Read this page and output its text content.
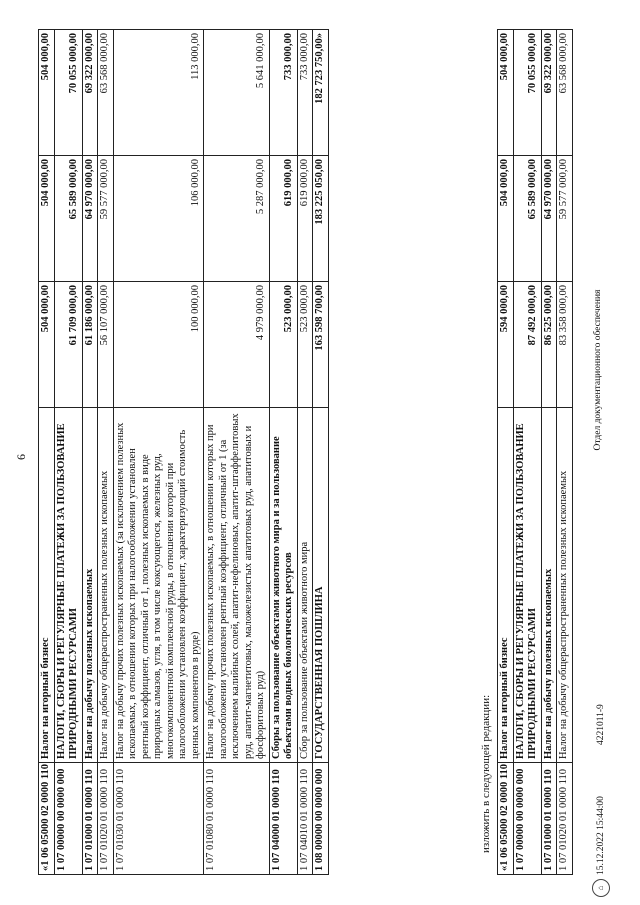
6
«1 06 05000 02 0000 110	Налог на игорный бизнес	504 000,00	504 000,00	504 000,00
1 07 00000 00 0000 000	НАЛОГИ, СБОРЫ И РЕГУЛЯРНЫЕ ПЛАТЕЖИ ЗА ПОЛЬЗОВАНИЕ ПРИРОДНЫМИ РЕСУРСАМИ	61 709 000,00	65 589 000,00	70 055 000,00
1 07 01000 01 0000 110	Налог на добычу полезных ископаемых	61 186 000,00	64 970 000,00	69 322 000,00
1 07 01020 01 0000 110	Налог на добычу общераспространенных полезных ископаемых	56 107 000,00	59 577 000,00	63 568 000,00
1 07 01030 01 0000 110	Налог на добычу прочих полезных ископаемых (за исключением полезных ископаемых, в отношении которых при налогообложении установлен рентный коэффициент, отличный от 1, полезных ископаемых в виде природных алмазов, угля, в том числе коксующегося, железных руд, многокомпонентной комплексной руды, в отношении которой при налогообложении установлен коэффициент, характеризующий стоимость ценных компонентов в руде)	100 000,00	106 000,00	113 000,00
1 07 01080 01 0000 110	Налог на добычу прочих полезных ископаемых, в отношении которых при налогообложении установлен рентный коэффициент, отличный от 1 (за исключением калийных солей, апатит-нефелиновых, апатит-штаффелитовых руд, апатит-магнетитовых, маложелезистых апатитовых руд, апатитовых и фосфоритовых руд)	4 979 000,00	5 287 000,00	5 641 000,00
1 07 04000 01 0000 110	Сборы за пользование объектами животного мира и за пользование объектами водных биологических ресурсов	523 000,00	619 000,00	733 000,00
1 07 04010 01 0000 110	Сбор за пользование объектами животного мира	523 000,00	619 000,00	733 000,00
1 08 00000 00 0000 000	ГОСУДАРСТВЕННАЯ ПОШЛИНА	163 598 700,00	183 225 050,00	182 723 750,00»
изложить в следующей редакции: «1 06 05000 02 0000 110	Налог на игорный бизнес	594 000,00	504 000,00	504 000,00
1 07 00000 00 0000 000	НАЛОГИ, СБОРЫ И РЕГУЛЯРНЫЕ ПЛАТЕЖИ ЗА ПОЛЬЗОВАНИЕ ПРИРОДНЫМИ РЕСУРСАМИ	87 492 000,00	65 589 000,00	70 055 000,00
1 07 01000 01 0000 110	Налог на добычу полезных ископаемых	86 525 000,00	64 970 000,00	69 322 000,00
1 07 01020 01 0000 110	Налог на добычу общераспространенных полезных ископаемых	83 358 000,00	59 577 000,00	63 568 000,00
⌂
15.12.2022 15:44:00
4221011-9
Отдел документационного обеспечения
